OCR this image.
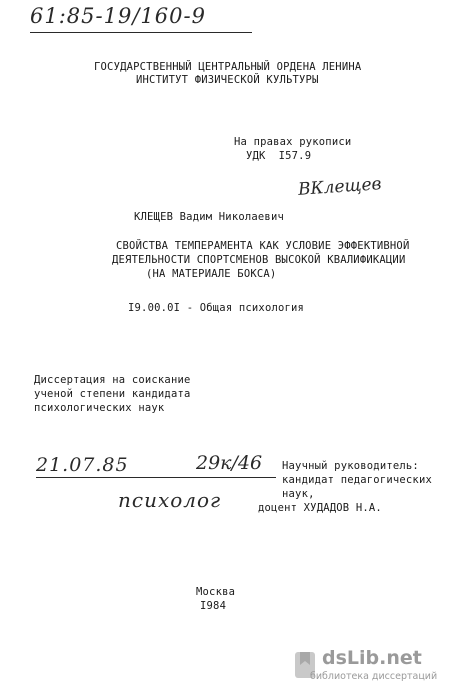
61:85-19/160-9
ГОСУДАРСТВЕННЫЙ ЦЕНТРАЛЬНЫЙ ОРДЕНА ЛЕНИНА
ИНСТИТУТ ФИЗИЧЕСКОЙ КУЛЬТУРЫ
На правах рукописи
УДК  I57.9
ВКлещев
КЛЕЩЕВ Вадим Николаевич
СВОЙСТВА ТЕМПЕРАМЕНТА КАК УСЛОВИЕ ЭФФЕКТИВНОЙ
ДЕЯТЕЛЬНОСТИ СПОРТСМЕНОВ ВЫСОКОЙ КВАЛИФИКАЦИИ
(НА МАТЕРИАЛЕ БОКСА)
I9.00.0I - Общая психология
Диссертация на соискание
ученой степени кандидата
психологических наук
21.07.85	29к/46
психолог
Научный руководитель:
кандидат педагогических
наук,
доцент ХУДАДОВ Н.А.
Москва
I984
dsLib.net
библиотека диссертаций
